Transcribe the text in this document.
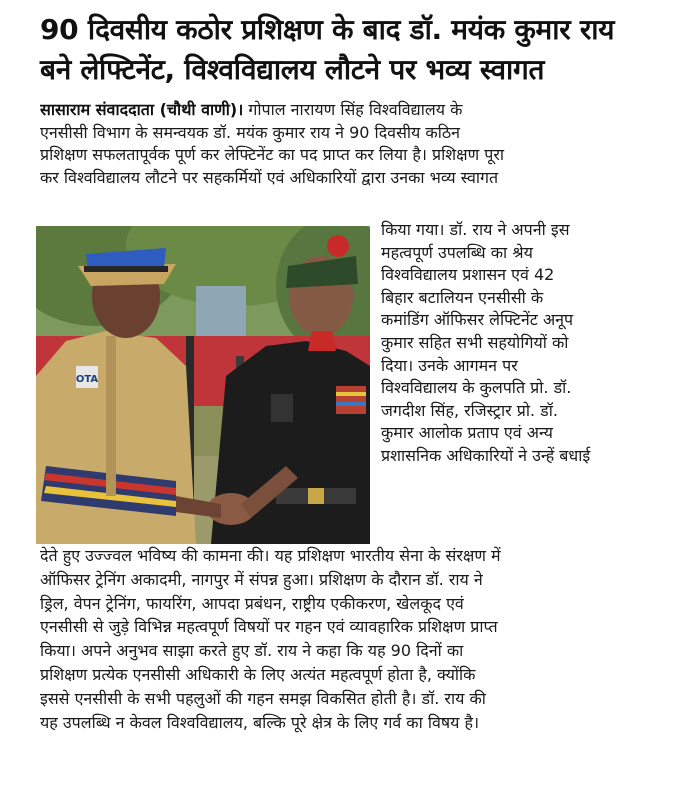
90 दिवसीय कठोर प्रशिक्षण के बाद डॉ. मयंक कुमार राय
बने लेफ्टिनेंट, विश्वविद्यालय लौटने पर भव्य स्वागत
सासाराम संवाददाता (चौथी वाणी)। गोपाल नारायण सिंह विश्वविद्यालय के
एनसीसी विभाग के समन्वयक डॉ. मयंक कुमार राय ने 90 दिवसीय कठिन
प्रशिक्षण सफलतापूर्वक पूर्ण कर लेफ्टिनेंट का पद प्राप्त कर लिया है। प्रशिक्षण पूरा
कर विश्वविद्यालय लौटने पर सहकर्मियों एवं अधिकारियों द्वारा उनका भव्य स्वागत
OTA
किया गया। डॉ. राय ने अपनी इस
महत्वपूर्ण उपलब्धि का श्रेय
विश्वविद्यालय प्रशासन एवं 42
बिहार बटालियन एनसीसी के
कमांडिंग ऑफिसर लेफ्टिनेंट अनूप
कुमार सहित सभी सहयोगियों को
दिया। उनके आगमन पर
विश्वविद्यालय के कुलपति प्रो. डॉ.
जगदीश सिंह, रजिस्ट्रार प्रो. डॉ.
कुमार आलोक प्रताप एवं अन्य
प्रशासनिक अधिकारियों ने उन्हें बधाई
देते हुए उज्ज्वल भविष्य की कामना की। यह प्रशिक्षण भारतीय सेना के संरक्षण में
ऑफिसर ट्रेनिंग अकादमी, नागपुर में संपन्न हुआ। प्रशिक्षण के दौरान डॉ. राय ने
ड्रिल, वेपन ट्रेनिंग, फायरिंग, आपदा प्रबंधन, राष्ट्रीय एकीकरण, खेलकूद एवं
एनसीसी से जुड़े विभिन्न महत्वपूर्ण विषयों पर गहन एवं व्यावहारिक प्रशिक्षण प्राप्त
किया। अपने अनुभव साझा करते हुए डॉ. राय ने कहा कि यह 90 दिनों का
प्रशिक्षण प्रत्येक एनसीसी अधिकारी के लिए अत्यंत महत्वपूर्ण होता है, क्योंकि
इससे एनसीसी के सभी पहलुओं की गहन समझ विकसित होती है। डॉ. राय की
यह उपलब्धि न केवल विश्वविद्यालय, बल्कि पूरे क्षेत्र के लिए गर्व का विषय है।
